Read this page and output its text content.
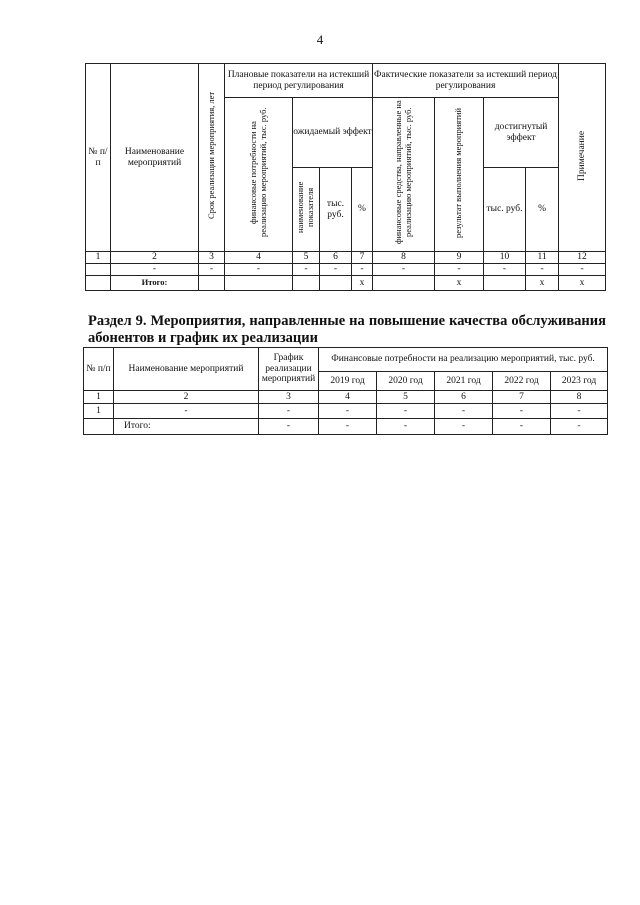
4
№ п/п	Наименование мероприятий	Срок реализации мероприятия, лет	Плановые показатели на истекший период регулирования				Фактические показатели за истекший период регулирования				Примечание
			финансовые потребности на реализацию мероприятий, тыс. руб.	ожидаемый эффект			финансовые средства, направленные на реализацию мероприятий, тыс. руб.	результат выполнения мероприятий	достигнутый эффект		
				наименование показателя	тыс. руб.	%			тыс. руб.	%	
1	2	3	4	5	6	7	8	9	10	11	12
	-	-	-	-	-	-	-	-	-	-	-
	Итого:					х		х		х	х
Раздел 9. Мероприятия, направленные на повышение качества обслуживания абонентов и график их реализации
№ п/п	Наименование мероприятий	График реализации мероприятий	Финансовые потребности на реализацию мероприятий, тыс. руб.				
			2019 год	2020 год	2021 год	2022 год	2023 год
1	2	3	4	5	6	7	8
1	-	-	-	-	-	-	-
	Итого:	-	-	-	-	-	-
